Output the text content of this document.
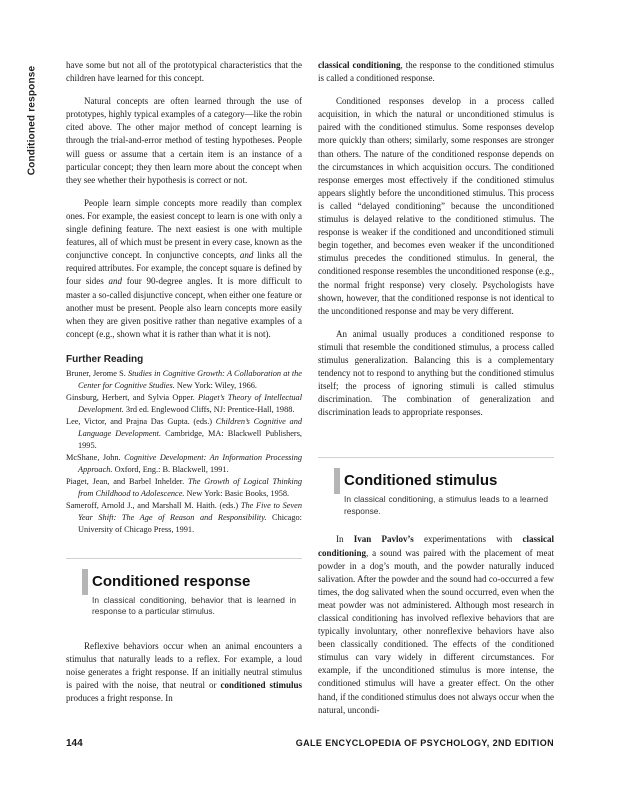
Conditioned response

have some but not all of the prototypical characteristics that the children have learned for this concept.

Natural concepts are often learned through the use of prototypes, highly typical examples of a category—like the robin cited above. The other major method of concept learning is through the trial-and-error method of testing hypotheses. People will guess or assume that a certain item is an instance of a particular concept; they then learn more about the concept when they see whether their hypothesis is correct or not.

People learn simple concepts more readily than complex ones. For example, the easiest concept to learn is one with only a single defining feature. The next easiest is one with multiple features, all of which must be present in every case, known as the conjunctive concept. In conjunctive concepts, and links all the required attributes. For example, the concept square is defined by four sides and four 90-degree angles. It is more difficult to master a so-called disjunctive concept, when either one feature or another must be present. People also learn concepts more easily when they are given positive rather than negative examples of a concept (e.g., shown what it is rather than what it is not).

Further Reading

Bruner, Jerome S. Studies in Cognitive Growth: A Collaboration at the Center for Cognitive Studies. New York: Wiley, 1966.

Ginsburg, Herbert, and Sylvia Opper. Piaget’s Theory of Intellectual Development. 3rd ed. Englewood Cliffs, NJ: Prentice-Hall, 1988.

Lee, Victor, and Prajna Das Gupta. (eds.) Children’s Cognitive and Language Development. Cambridge, MA: Blackwell Publishers, 1995.

McShane, John. Cognitive Development: An Information Processing Approach. Oxford, Eng.: B. Blackwell, 1991.

Piaget, Jean, and Barbel Inhelder. The Growth of Logical Thinking from Childhood to Adolescence. New York: Basic Books, 1958.

Sameroff, Arnold J., and Marshall M. Haith. (eds.) The Five to Seven Year Shift: The Age of Reason and Responsibility. Chicago: University of Chicago Press, 1991.

Conditioned response

In classical conditioning, behavior that is learned in response to a particular stimulus.

Reflexive behaviors occur when an animal encounters a stimulus that naturally leads to a reflex. For example, a loud noise generates a fright response. If an initially neutral stimulus is paired with the noise, that neutral or conditioned stimulus produces a fright response. In

classical conditioning, the response to the conditioned stimulus is called a conditioned response.

Conditioned responses develop in a process called acquisition, in which the natural or unconditioned stimulus is paired with the conditioned stimulus. Some responses develop more quickly than others; similarly, some responses are stronger than others. The nature of the conditioned response depends on the circumstances in which acquisition occurs. The conditioned response emerges most effectively if the conditioned stimulus appears slightly before the unconditioned stimulus. This process is called “delayed conditioning” because the unconditioned stimulus is delayed relative to the conditioned stimulus. The response is weaker if the conditioned and unconditioned stimuli begin together, and becomes even weaker if the unconditioned stimulus precedes the conditioned stimulus. In general, the conditioned response resembles the unconditioned response (e.g., the normal fright response) very closely. Psychologists have shown, however, that the conditioned response is not identical to the unconditioned response and may be very different.

An animal usually produces a conditioned response to stimuli that resemble the conditioned stimulus, a process called stimulus generalization. Balancing this is a complementary tendency not to respond to anything but the conditioned stimulus itself; the process of ignoring stimuli is called stimulus discrimination. The combination of generalization and discrimination leads to appropriate responses.

Conditioned stimulus

In classical conditioning, a stimulus leads to a learned response.

In Ivan Pavlov’s experimentations with classical conditioning, a sound was paired with the placement of meat powder in a dog’s mouth, and the powder naturally induced salivation. After the powder and the sound had co-occurred a few times, the dog salivated when the sound occurred, even when the meat powder was not administered. Although most research in classical conditioning has involved reflexive behaviors that are typically involuntary, other nonreflexive behaviors have also been classically conditioned. The effects of the conditioned stimulus can vary widely in different circumstances. For example, if the unconditioned stimulus is more intense, the conditioned stimulus will have a greater effect. On the other hand, if the conditioned stimulus does not always occur when the natural, uncondi-

144	GALE ENCYCLOPEDIA OF PSYCHOLOGY, 2ND EDITION
